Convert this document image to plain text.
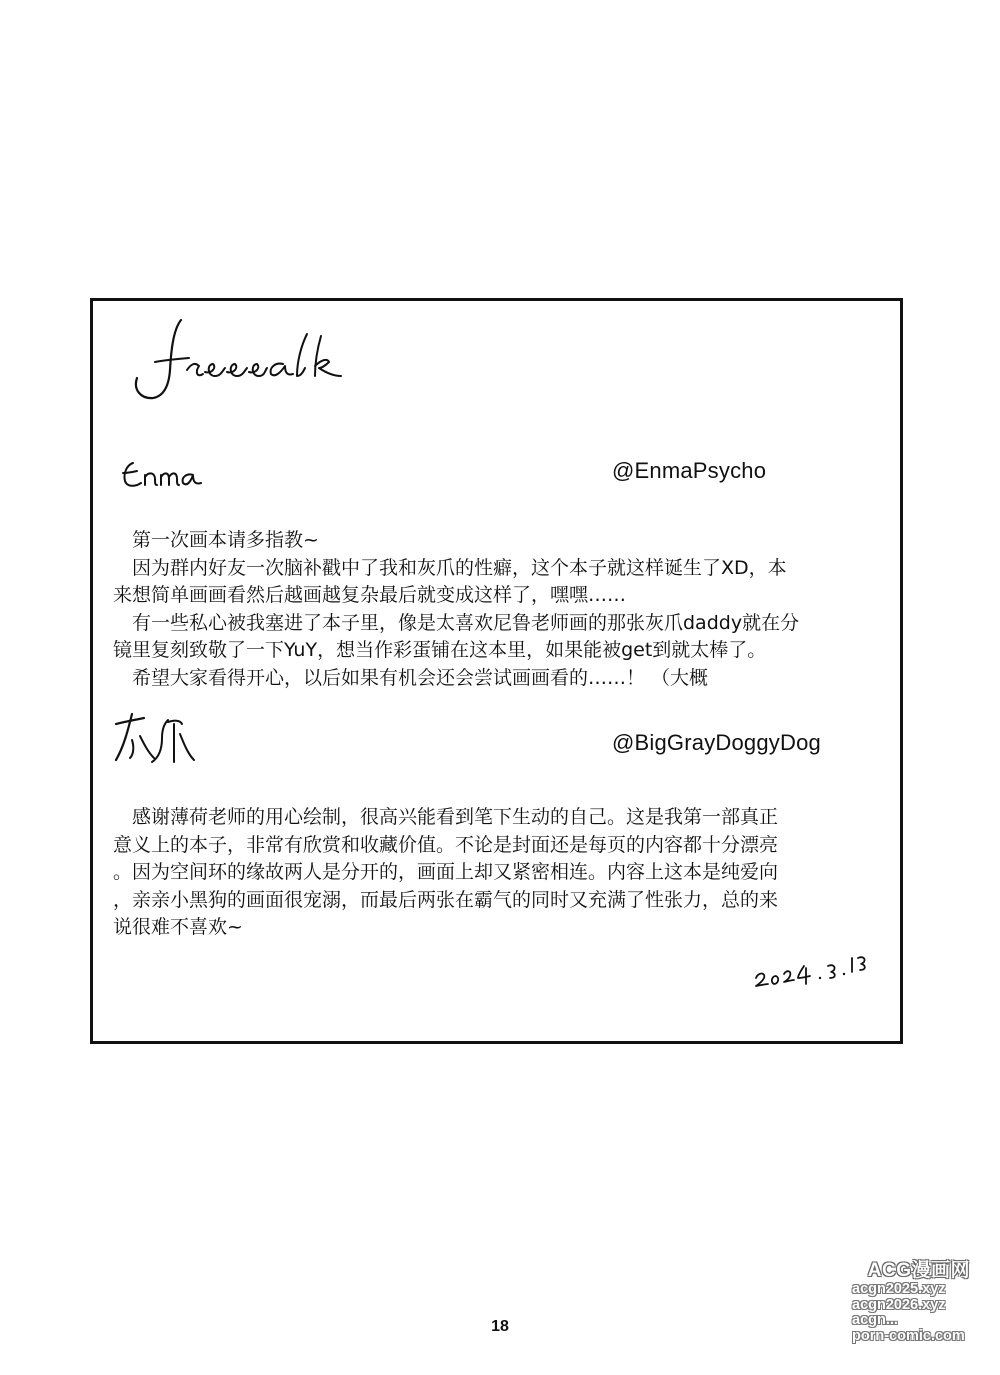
@EnmaPsycho
　第一次画本请多指教~
　因为群内好友一次脑补戳中了我和灰爪的性癖，这个本子就这样诞生了XD，本
来想简单画画看然后越画越复杂最后就变成这样了，嘿嘿……
　有一些私心被我塞进了本子里，像是太喜欢尼鲁老师画的那张灰爪daddy就在分
镜里复刻致敬了一下YuY，想当作彩蛋铺在这本里，如果能被get到就太棒了。
　希望大家看得开心，以后如果有机会还会尝试画画看的……！ （大概
@BigGrayDoggyDog
　感谢薄荷老师的用心绘制，很高兴能看到笔下生动的自己。这是我第一部真正
意义上的本子，非常有欣赏和收藏价值。不论是封面还是每页的内容都十分漂亮
。因为空间环的缘故两人是分开的，画面上却又紧密相连。内容上这本是纯爱向
，亲亲小黑狗的画面很宠溺，而最后两张在霸气的同时又充满了性张力，总的来
说很难不喜欢~
18
ACG漫画网
acgn2025.xyz
acgn2026.xyz
acgn...
porn-comic.com
